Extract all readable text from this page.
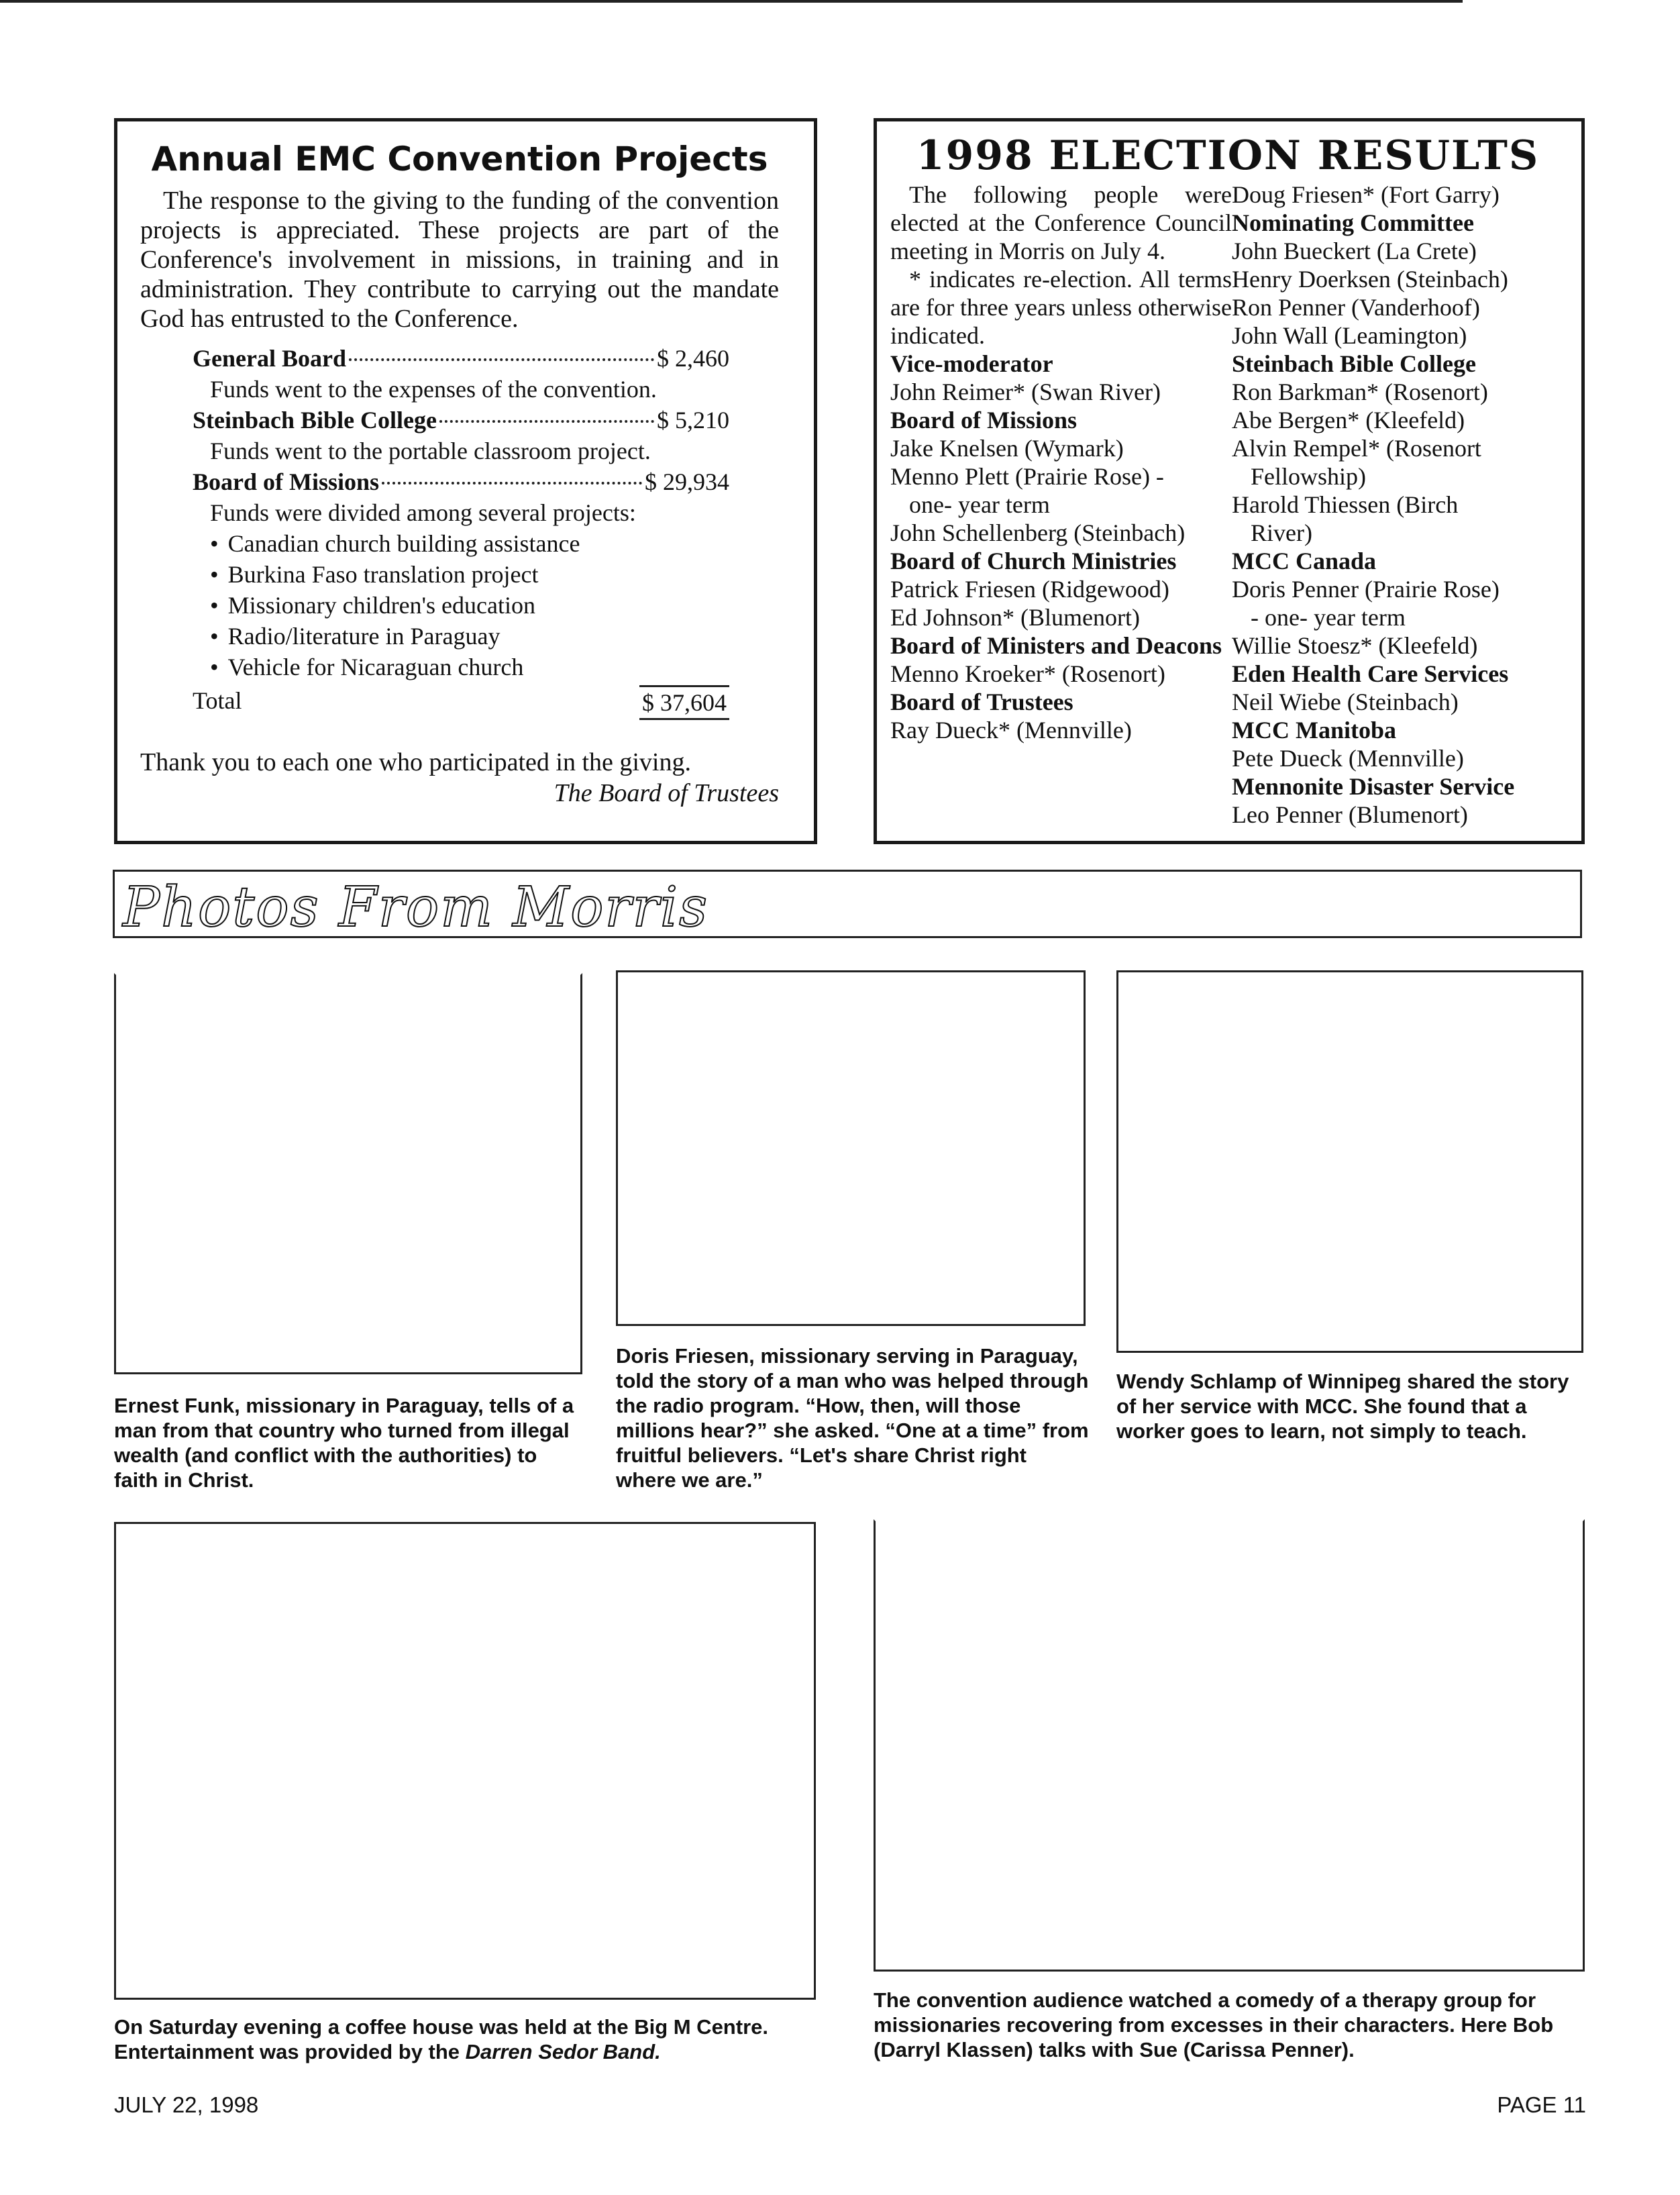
Annual EMC Convention Projects

The response to the giving to the funding of the convention projects is appreciated. These projects are part of the Conference's involvement in missions, in training and in administration. They contribute to carrying out the mandate God has entrusted to the Conference.

General Board	$ 2,460
Funds went to the expenses of the convention.
Steinbach Bible College	$ 5,210
Funds went to the portable classroom project.
Board of Missions	$ 29,934
Funds were divided among several projects:
• Canadian church building assistance
• Burkina Faso translation project
• Missionary children's education
• Radio/literature in Paraguay
• Vehicle for Nicaraguan church
Total	$ 37,604
Thank you to each one who participated in the giving.
The Board of Trustees
1998 ELECTION RESULTS

The following people were elected at the Conference Council meeting in Morris on July 4.

* indicates re-election. All terms are for three years unless otherwise indicated.

Vice-moderator
John Reimer* (Swan River)
Board of Missions
Jake Knelsen (Wymark)
Menno Plett (Prairie Rose) -
one- year term
John Schellenberg (Steinbach)
Board of Church Ministries
Patrick Friesen (Ridgewood)
Ed Johnson* (Blumenort)
Board of Ministers and Deacons
Menno Kroeker* (Rosenort)
Board of Trustees
Ray Dueck* (Mennville)
Doug Friesen* (Fort Garry)
Nominating Committee
John Bueckert (La Crete)
Henry Doerksen (Steinbach)
Ron Penner (Vanderhoof)
John Wall (Leamington)
Steinbach Bible College
Ron Barkman* (Rosenort)
Abe Bergen* (Kleefeld)
Alvin Rempel* (Rosenort
Fellowship)
Harold Thiessen (Birch
River)
MCC Canada
Doris Penner (Prairie Rose)
- one- year term
Willie Stoesz* (Kleefeld)
Eden Health Care Services
Neil Wiebe (Steinbach)
MCC Manitoba
Pete Dueck (Mennville)
Mennonite Disaster Service
Leo Penner (Blumenort)
Photos From Morris
Ernest Funk, missionary in Paraguay, tells of a man from that country who turned from illegal wealth (and conflict with the authorities) to faith in Christ.
Doris Friesen, missionary serving in Paraguay, told the story of a man who was helped through the radio program. “How, then, will those millions hear?” she asked. “One at a time” from fruitful believers. “Let's share Christ right where we are.”
Wendy Schlamp of Winnipeg shared the story of her service with MCC. She found that a worker goes to learn, not simply to teach.
On Saturday evening a coffee house was held at the Big M Centre. Entertainment was provided by the Darren Sedor Band.
The convention audience watched a comedy of a therapy group for missionaries recovering from excesses in their characters. Here Bob (Darryl Klassen) talks with Sue (Carissa Penner).
JULY 22, 1998	PAGE 11
